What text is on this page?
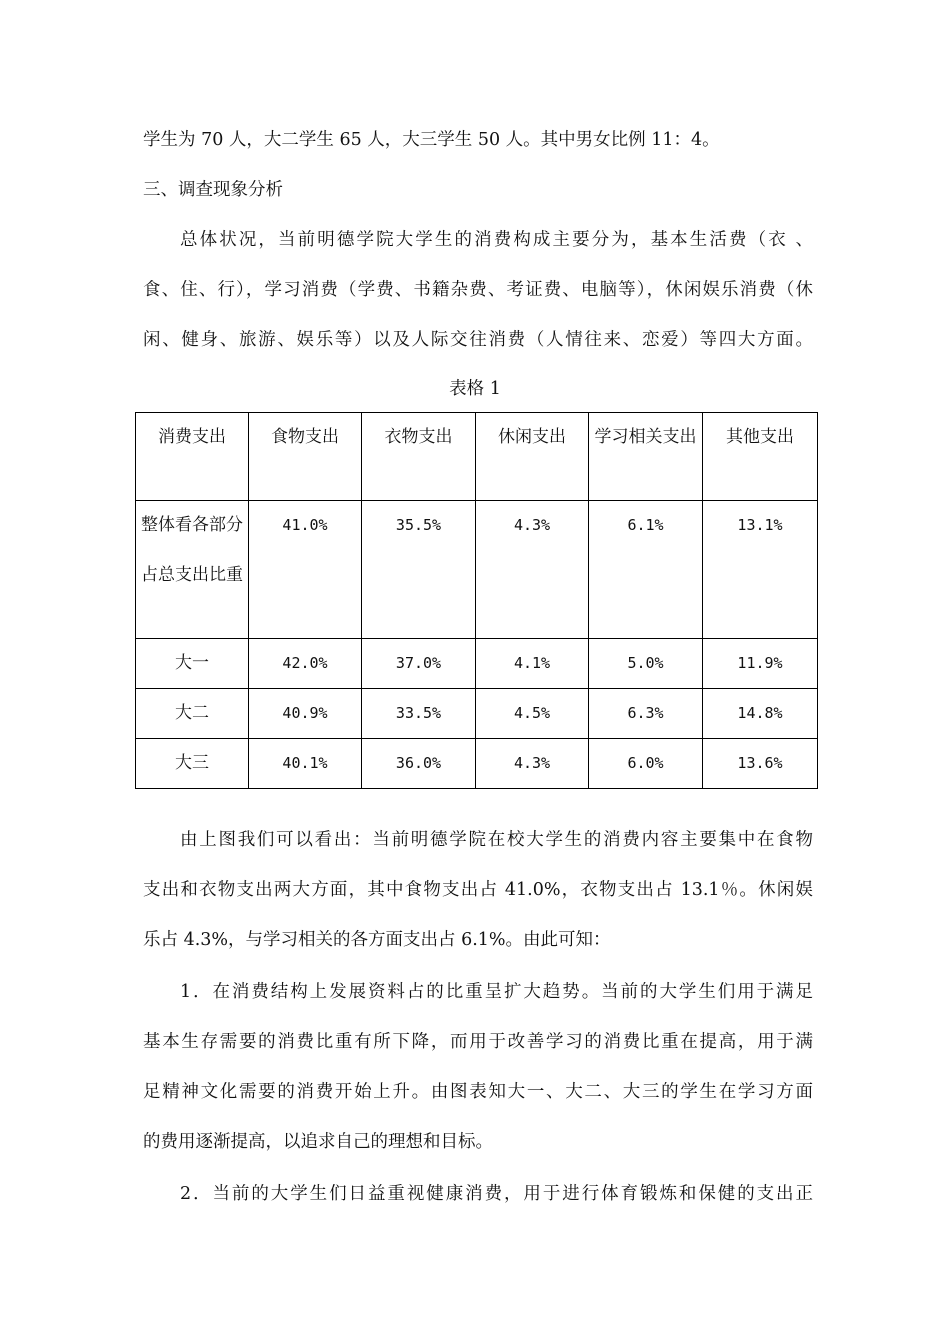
学生为 70 人，大二学生 65 人，大三学生 50 人。其中男女比例 11：4。
三、调查现象分析
总体状况，当前明德学院大学生的消费构成主要分为，基本生活费（衣 、
食、住、行），学习消费（学费、书籍杂费、考证费、电脑等），休闲娱乐消费（休
闲、健身、旅游、娱乐等）以及人际交往消费（人情往来、恋爱）等四大方面。
表格 1
消费支出	食物支出	衣物支出	休闲支出	学习相关支出	其他支出

整体看各部分占总支出比重	41.0%	35.5%	4.3%	6.1%	13.1%

大一	42.0%	37.0%	4.1%	5.0%	11.9%

大二	40.9%	33.5%	4.5%	6.3%	14.8%

大三	40.1%	36.0%	4.3%	6.0%	13.6%
由上图我们可以看出：当前明德学院在校大学生的消费内容主要集中在食物
支出和衣物支出两大方面，其中食物支出占 41.0%，衣物支出占 13.1％。休闲娱
乐占 4.3%，与学习相关的各方面支出占 6.1%。由此可知：
1．在消费结构上发展资料占的比重呈扩大趋势。当前的大学生们用于满足
基本生存需要的消费比重有所下降，而用于改善学习的消费比重在提高，用于满
足精神文化需要的消费开始上升。由图表知大一、大二、大三的学生在学习方面
的费用逐渐提高，以追求自己的理想和目标。
2．当前的大学生们日益重视健康消费，用于进行体育锻炼和保健的支出正
